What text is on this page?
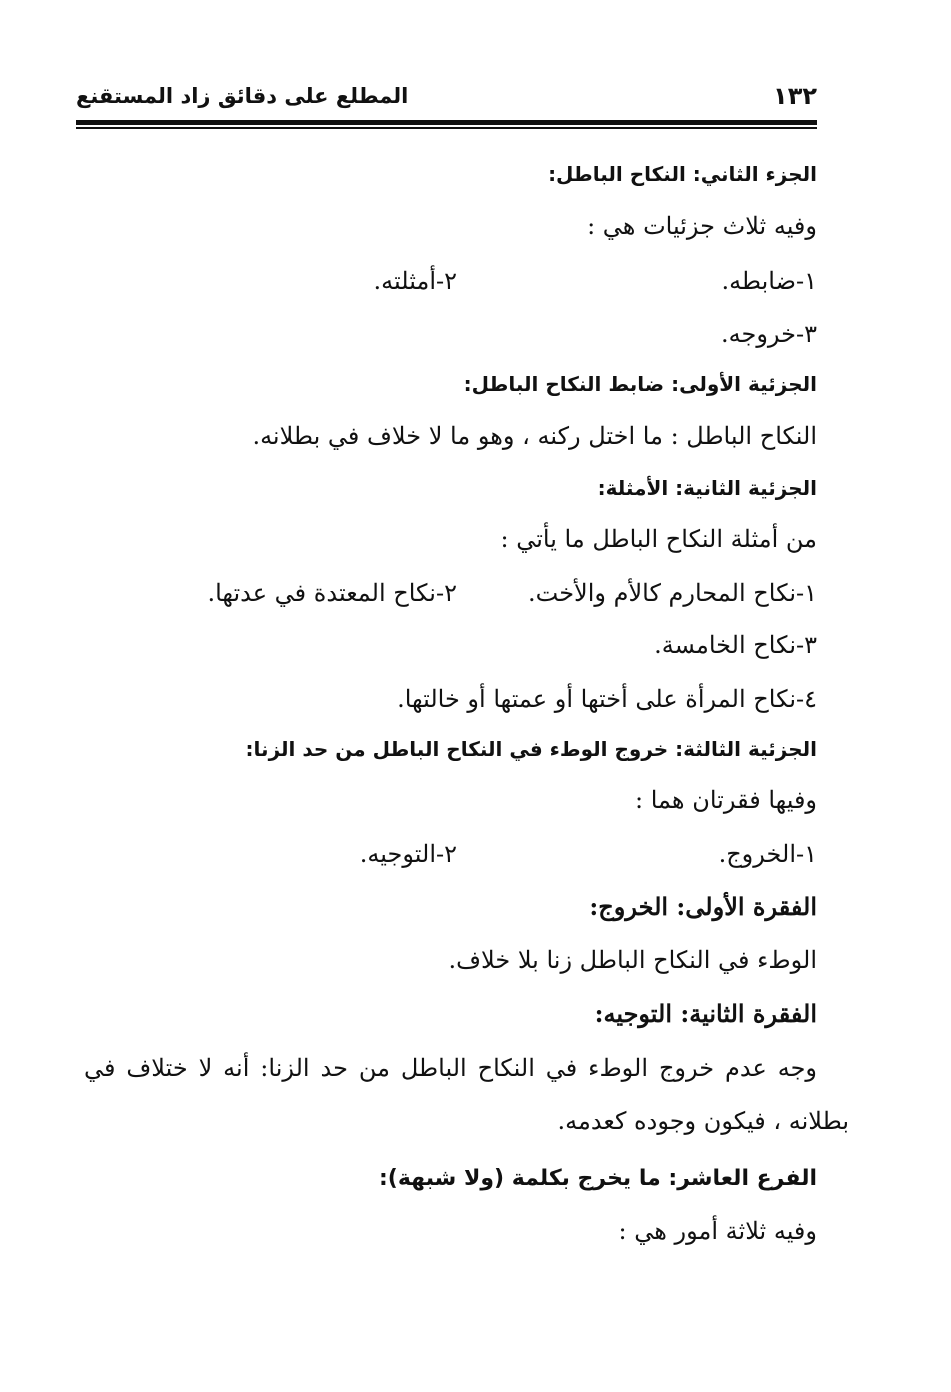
١٣٢
المطلع على دقائق زاد المستقنع
الجزء الثاني: النكاح الباطل:
وفيه ثلاث جزئيات هي :
١-ضابطه.
٢-أمثلته.
٣-خروجه.
الجزئية الأولى: ضابط النكاح الباطل:
النكاح الباطل : ما اختل ركنه ، وهو ما لا خلاف في بطلانه.
الجزئية الثانية: الأمثلة:
من أمثلة النكاح الباطل ما يأتي :
١-نكاح المحارم كالأم والأخت.
٢-نكاح المعتدة في عدتها.
٣-نكاح الخامسة.
٤-نكاح المرأة على أختها أو عمتها أو خالتها.
الجزئية الثالثة: خروج الوطء في النكاح الباطل من حد الزنا:
وفيها فقرتان هما :
١-الخروج.
٢-التوجيه.
الفقرة الأولى: الخروج:
الوطء في النكاح الباطل زنا بلا خلاف.
الفقرة الثانية: التوجيه:
وجه عدم خروج الوطء في النكاح الباطل من حد الزنا: أنه لا ختلاف في
بطلانه ، فيكون وجوده كعدمه.
الفرع العاشر: ما يخرج بكلمة (ولا شبهة):
وفيه ثلاثة أمور هي :
